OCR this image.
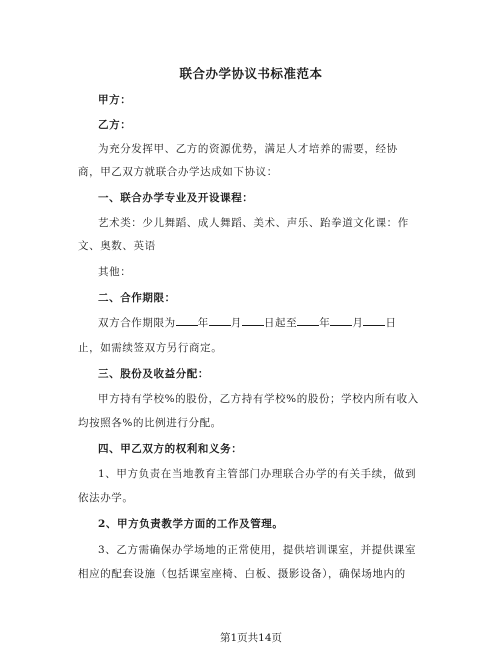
联合办学协议书标准范本
甲方：
乙方：
为充分发挥甲、乙方的资源优势，满足人才培养的需要，经协
商，甲乙双方就联合办学达成如下协议：
一、联合办学专业及开设课程：
艺术类：少儿舞蹈、成人舞蹈、美术、声乐、跆拳道文化课：作
文、奥数、英语
其他：
二、合作期限：
双方合作期限为 年 月 日起至 年 月 日
止，如需续签双方另行商定。
三、股份及收益分配：
甲方持有学校%的股份，乙方持有学校%的股份；学校内所有收入
均按照各%的比例进行分配。
四、甲乙双方的权利和义务：
1、甲方负责在当地教育主管部门办理联合办学的有关手续，做到
依法办学。
2、甲方负责教学方面的工作及管理。
3、乙方需确保办学场地的正常使用，提供培训课室，并提供课室
相应的配套设施（包括课室座椅、白板、摄影设备），确保场地内的
第1页共14页
